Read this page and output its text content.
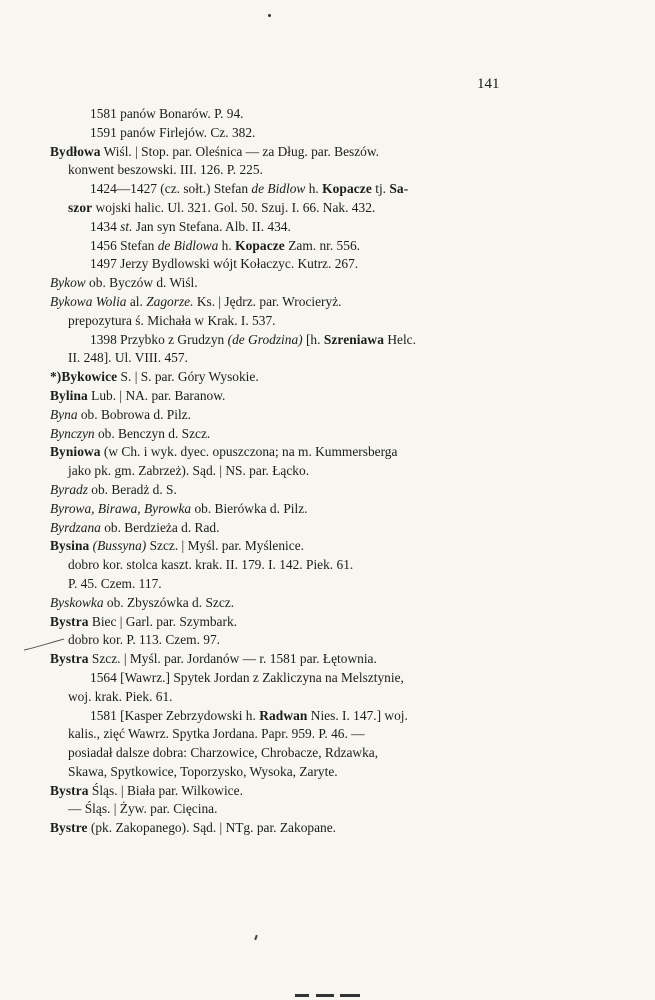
141
1581 panów Bonarów. P. 94.
1591 panów Firlejów. Cz. 382.
Bydłowa Wiśl. | Stop. par. Oleśnica — za Dług. par. Beszów.
konwent beszowski. III. 126. P. 225.
1424—1427 (cz. sołt.) Stefan de Bidlow h. Kopacze tj. Sa-
szor wojski halic. Ul. 321. Gol. 50. Szuj. I. 66. Nak. 432.
1434 st. Jan syn Stefana. Alb. II. 434.
1456 Stefan de Bidlowa h. Kopacze Zam. nr. 556.
1497 Jerzy Bydlowski wójt Kołaczyc. Kutrz. 267.
Bykow ob. Byczów d. Wiśl.
Bykowa Wolia al. Zagorze. Ks. | Jędrz. par. Wrocieryż.
prepozytura ś. Michała w Krak. I. 537.
1398 Przybko z Grudzyn (de Grodzina) [h. Szreniawa Helc.
II. 248]. Ul. VIII. 457.
*)Bykowice S. | S. par. Góry Wysokie.
Bylina Lub. | NA. par. Baranow.
Byna ob. Bobrowa d. Pilz.
Bynczyn ob. Benczyn d. Szcz.
Byniowa (w Ch. i wyk. dyec. opuszczona; na m. Kummersberga
jako pk. gm. Zabrzeż). Sąd. | NS. par. Łącko.
Byradz ob. Beradż d. S.
Byrowa, Birawa, Byrowka ob. Bierówka d. Pilz.
Byrdzana ob. Berdzieża d. Rad.
Bysina (Bussyna) Szcz. | Myśl. par. Myślenice.
dobro kor. stolca kaszt. krak. II. 179. I. 142. Piek. 61.
P. 45. Czem. 117.
Byskowka ob. Zbyszówka d. Szcz.
Bystra Biec | Garl. par. Szymbark.
dobro kor. P. 113. Czem. 97.
Bystra Szcz. | Myśl. par. Jordanów — r. 1581 par. Łętownia.
1564 [Wawrz.] Spytek Jordan z Zakliczyna na Melsztynie,
woj. krak. Piek. 61.
1581 [Kasper Zebrzydowski h. Radwan Nies. I. 147.] woj.
kalis., zięć Wawrz. Spytka Jordana. Papr. 959. P. 46. —
posiadał dalsze dobra: Charzowice, Chrobacze, Rdzawka,
Skawa, Spytkowice, Toporzysko, Wysoka, Zaryte.
Bystra Śląs. | Biała par. Wilkowice.
— Śląs. | Żyw. par. Cięcina.
Bystre (pk. Zakopanego). Sąd. | NTg. par. Zakopane.
